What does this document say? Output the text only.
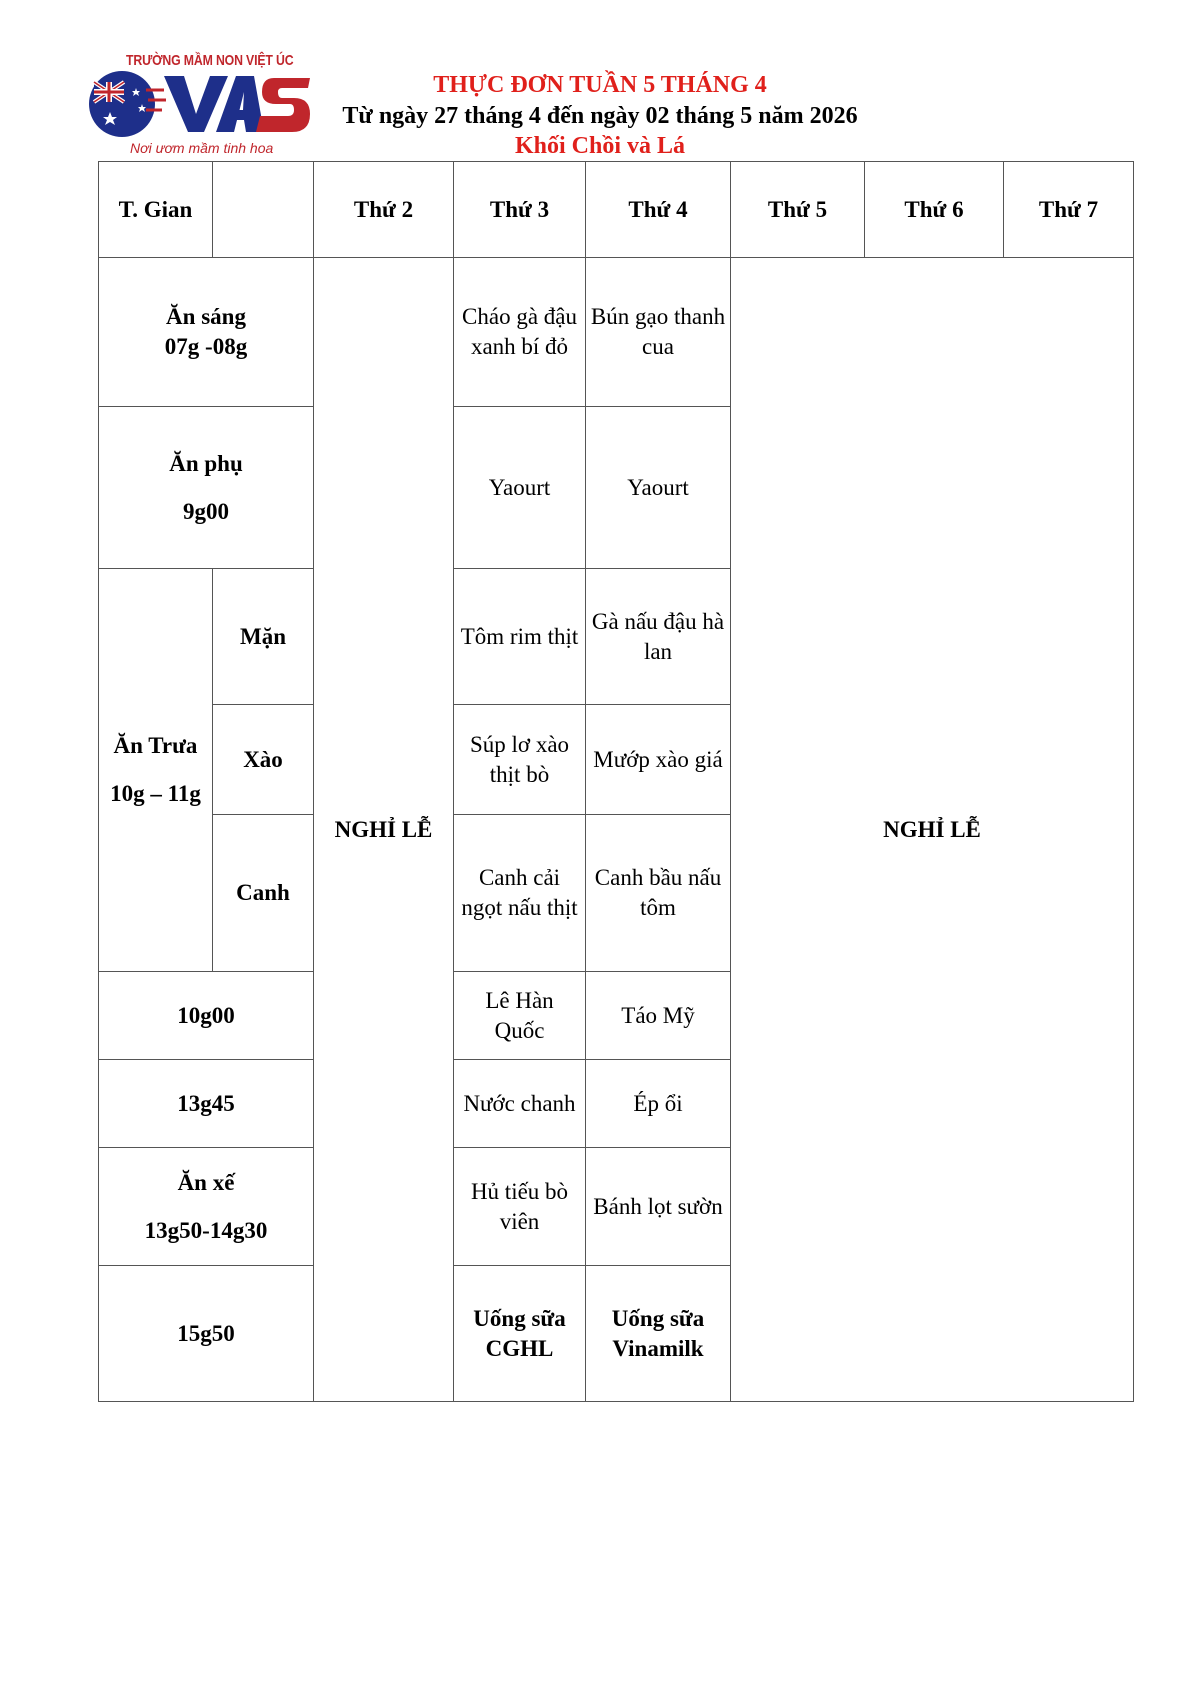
TRƯỜNG MẦM NON VIỆT ÚC
Nơi ươm mầm tinh hoa
THỰC ĐƠN TUẦN 5 THÁNG 4
Từ ngày 27 tháng 4 đến ngày 02 tháng 5 năm 2026
Khối Chồi và Lá
T. Gian		Thứ 2	Thứ 3	Thứ 4	Thứ 5	Thứ 6	Thứ 7

Ăn sáng
07g -08g		NGHỈ LỄ	Cháo gà đậu xanh bí đỏ	Bún gạo thanh cua	NGHỈ LỄ		

Ăn phụ
9g00			Yaourt	Yaourt			

Ăn Trưa
10g – 11g	Mặn		Tôm rim thịt	Gà nấu đậu hà lan			
	Xào		Súp lơ xào thịt bò	Mướp xào giá			
	Canh		Canh cải ngọt nấu thịt	Canh bầu nấu tôm			
10g00			Lê Hàn Quốc	Táo Mỹ			
13g45			Nước chanh	Ép ổi			

Ăn xế
13g50-14g30			Hủ tiếu bò viên	Bánh lọt sườn			
15g50			Uống sữa CGHL	Uống sữa Vinamilk			
